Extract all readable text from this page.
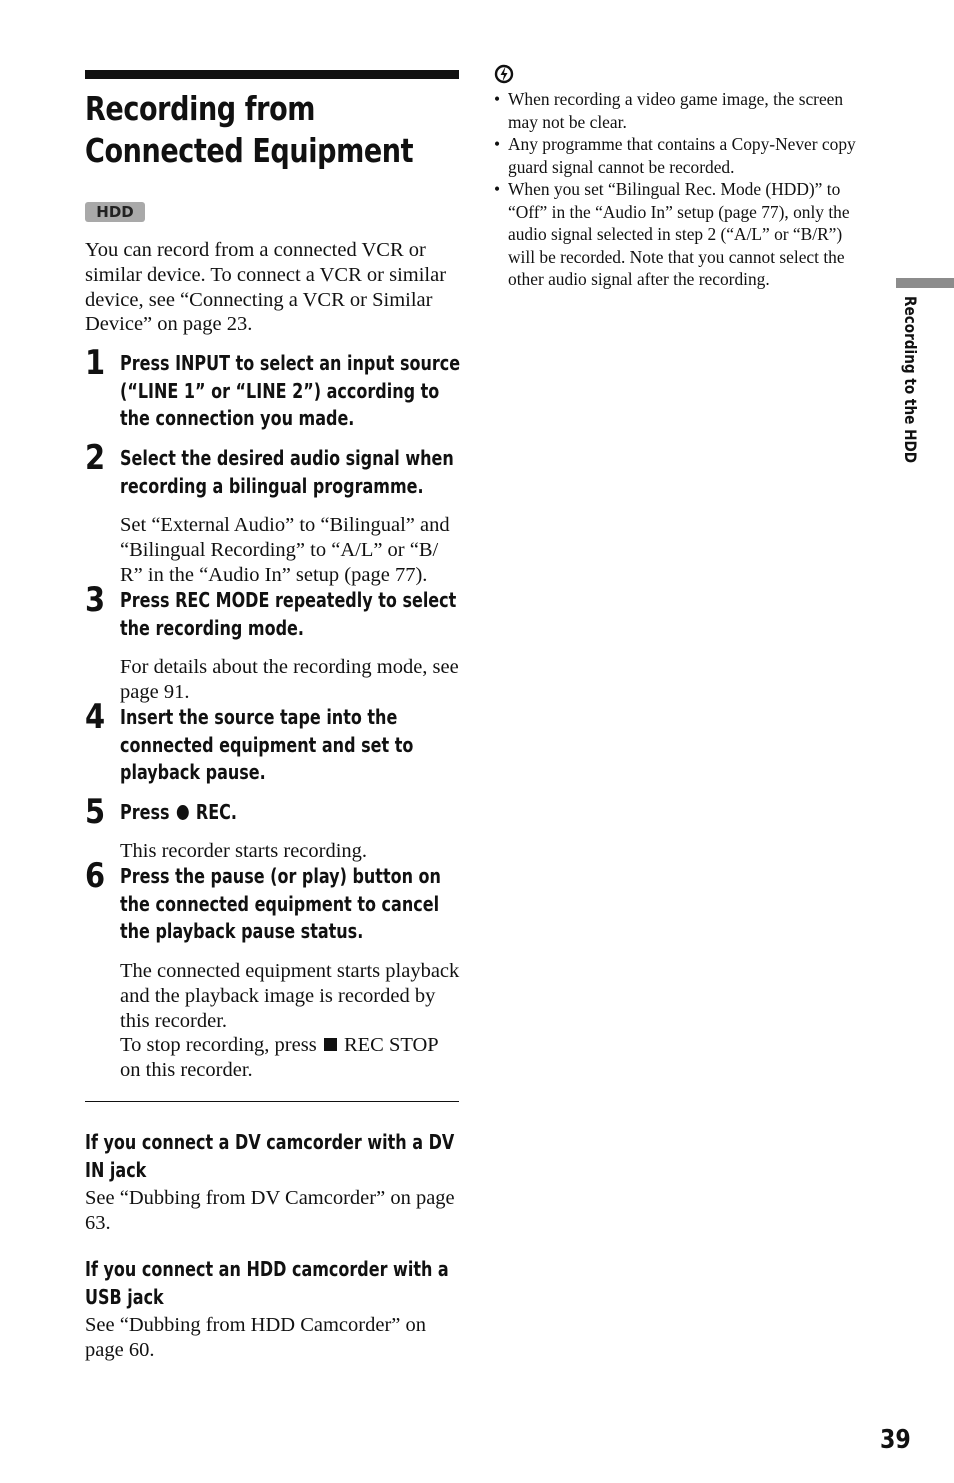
Recording from
Connected Equipment
HDD
You can record from a connected VCR or similar device. To connect a VCR or similar device, see “Connecting a VCR or Similar Device” on page 23.
1 Press INPUT to select an input source
(“LINE 1” or “LINE 2”) according to
the connection you made.
2 Select the desired audio signal when
recording a bilingual programme.
Set “External Audio” to “Bilingual” and “Bilingual Recording” to “A/L” or “B/ R” in the “Audio In” setup (page 77).
3 Press REC MODE repeatedly to select
the recording mode.
For details about the recording mode, see page 91.
4 Insert the source tape into the
connected equipment and set to
playback pause.
5 Press REC.
This recorder starts recording.
6 Press the pause (or play) button on
the connected equipment to cancel
the playback pause status.
The connected equipment starts playback and the playback image is recorded by this recorder.
To stop recording, press REC STOP on this recorder.
If you connect a DV camcorder with a DV
IN jack
See “Dubbing from DV Camcorder” on page 63.
If you connect an HDD camcorder with a
USB jack
See “Dubbing from HDD Camcorder” on page 60.
• When recording a video game image, the screen may not be clear.
• Any programme that contains a Copy-Never copy guard signal cannot be recorded.
• When you set “Bilingual Rec. Mode (HDD)” to “Off” in the “Audio In” setup (page 77), only the audio signal selected in step 2 (“A/L” or “B/R”) will be recorded. Note that you cannot select the other audio signal after the recording.
Recording to the HDD
39
